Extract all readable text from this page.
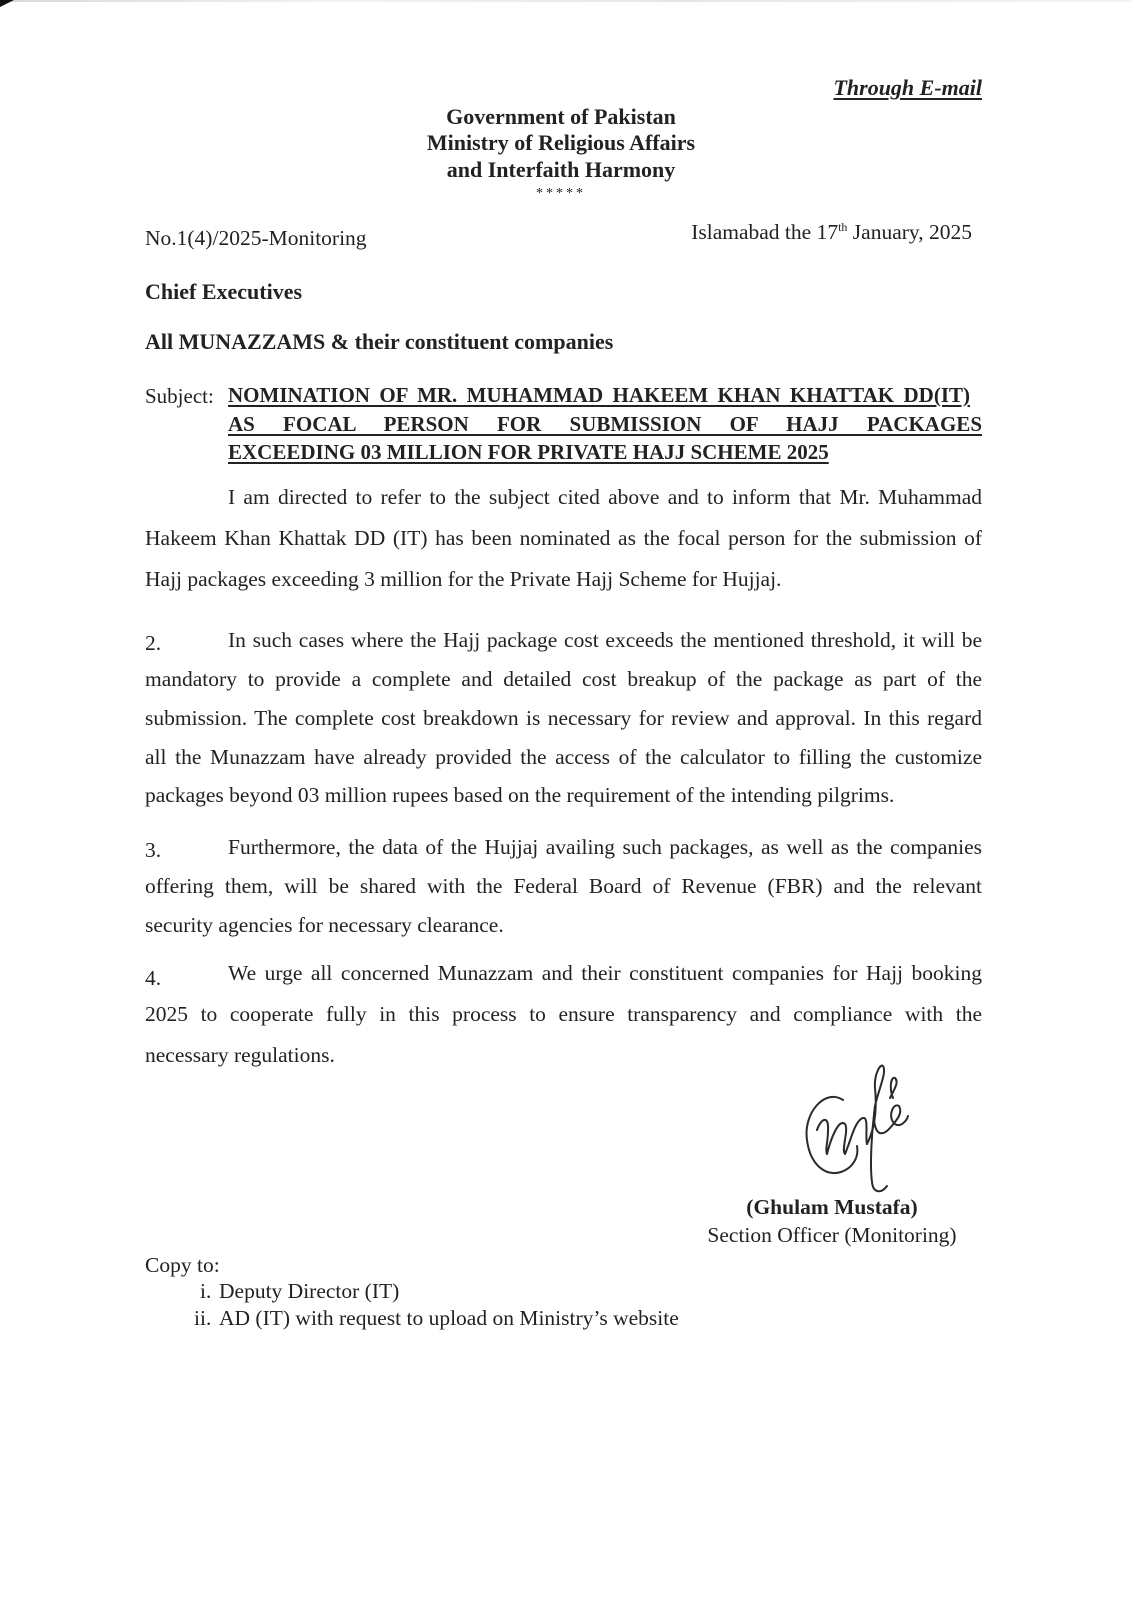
Through E-mail
Government of Pakistan
Ministry of Religious Affairs
and Interfaith Harmony
*****
No.1(4)/2025-Monitoring	Islamabad the 17th January, 2025
Chief Executives
All MUNAZZAMS & their constituent companies
Subject: NOMINATION OF MR. MUHAMMAD HAKEEM KHAN KHATTAK DD(IT)
AS FOCAL PERSON FOR SUBMISSION OF HAJJ PACKAGES
EXCEEDING 03 MILLION FOR PRIVATE HAJJ SCHEME 2025
I am directed to refer to the subject cited above and to inform that Mr. Muhammad
Hakeem Khan Khattak DD (IT) has been nominated as the focal person for the submission of
Hajj packages exceeding 3 million for the Private Hajj Scheme for Hujjaj.
2.	In such cases where the Hajj package cost exceeds the mentioned threshold, it will be
mandatory to provide a complete and detailed cost breakup of the package as part of the
submission. The complete cost breakdown is necessary for review and approval. In this regard
all the Munazzam have already provided the access of the calculator to filling the customize
packages beyond 03 million rupees based on the requirement of the intending pilgrims.
3.	Furthermore, the data of the Hujjaj availing such packages, as well as the companies
offering them, will be shared with the Federal Board of Revenue (FBR) and the relevant
security agencies for necessary clearance.
4.	We urge all concerned Munazzam and their constituent companies for Hajj booking
2025 to cooperate fully in this process to ensure transparency and compliance with the
necessary regulations.
(Ghulam Mustafa)
Section Officer (Monitoring)
Copy to:
i. Deputy Director (IT)
ii. AD (IT) with request to upload on Ministry’s website
